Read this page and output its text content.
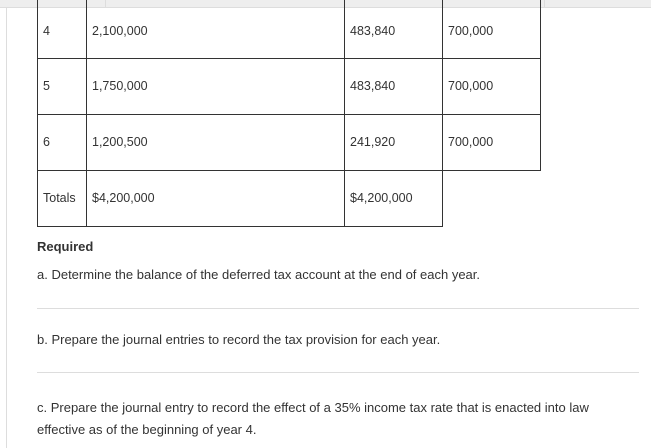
4	2,100,000	483,840	700,000
5	1,750,000	483,840	700,000
6	1,200,500	241,920	700,000
Totals	$4,200,000	$4,200,000	
Required
a. Determine the balance of the deferred tax account at the end of each year.
b. Prepare the journal entries to record the tax provision for each year.
c. Prepare the journal entry to record the effect of a 35% income tax rate that is enacted into law effective as of the beginning of year 4.
